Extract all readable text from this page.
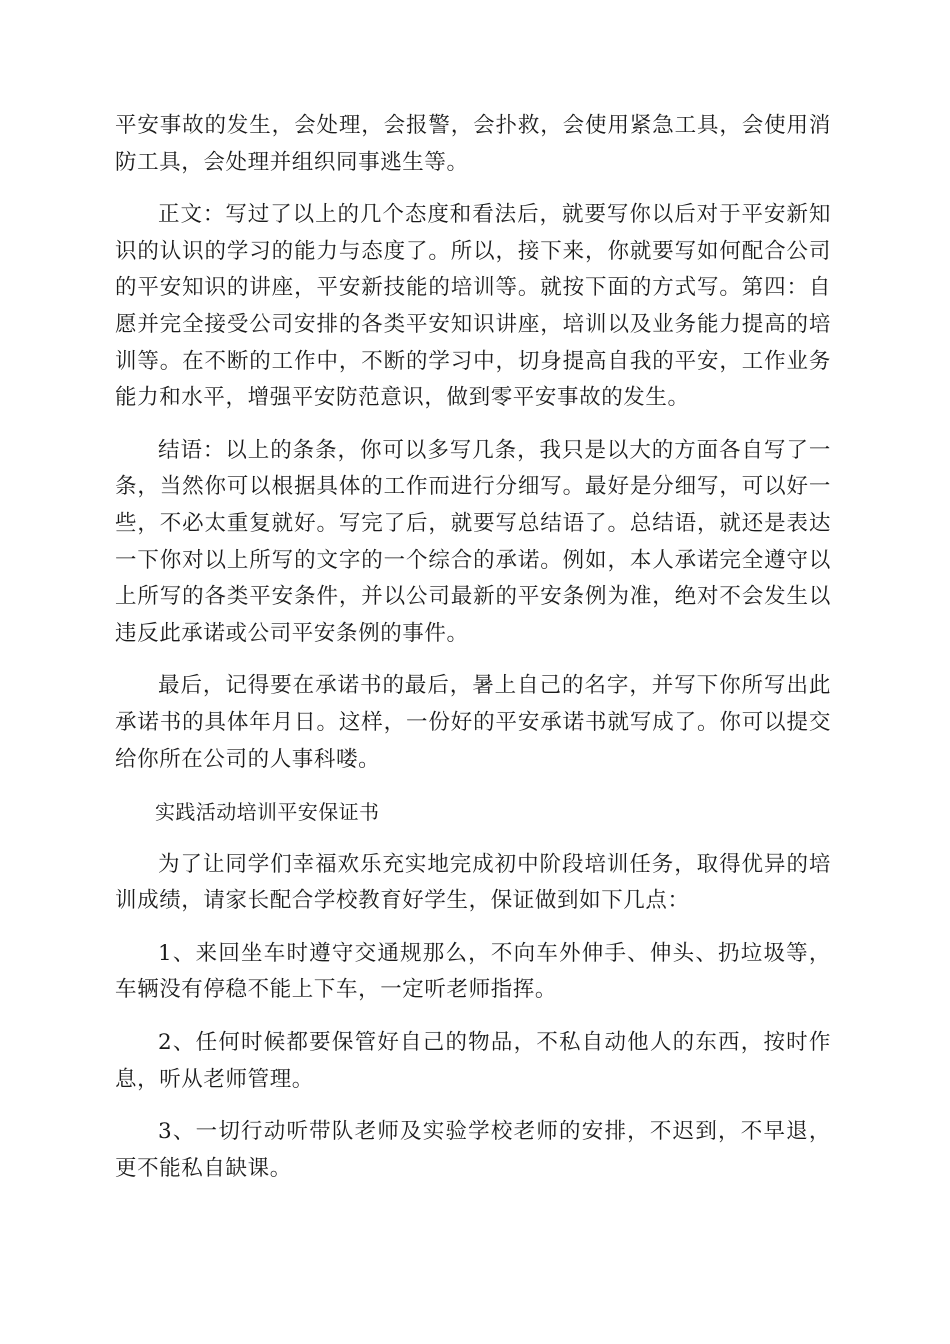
平安事故的发生，会处理，会报警，会扑救，会使用紧急工具，会使用消防工具，会处理并组织同事逃生等。

正文：写过了以上的几个态度和看法后，就要写你以后对于平安新知识的认识的学习的能力与态度了。所以，接下来，你就要写如何配合公司的平安知识的讲座，平安新技能的培训等。就按下面的方式写。第四：自愿并完全接受公司安排的各类平安知识讲座，培训以及业务能力提高的培训等。在不断的工作中，不断的学习中，切身提高自我的平安，工作业务能力和水平，增强平安防范意识，做到零平安事故的发生。

结语：以上的条条，你可以多写几条，我只是以大的方面各自写了一条，当然你可以根据具体的工作而进行分细写。最好是分细写，可以好一些，不必太重复就好。写完了后，就要写总结语了。总结语，就还是表达一下你对以上所写的文字的一个综合的承诺。例如，本人承诺完全遵守以上所写的各类平安条件，并以公司最新的平安条例为准，绝对不会发生以违反此承诺或公司平安条例的事件。

最后，记得要在承诺书的最后，暑上自己的名字，并写下你所写出此承诺书的具体年月日。这样，一份好的平安承诺书就写成了。你可以提交给你所在公司的人事科喽。

实践活动培训平安保证书

为了让同学们幸福欢乐充实地完成初中阶段培训任务，取得优异的培训成绩，请家长配合学校教育好学生，保证做到如下几点：

1、来回坐车时遵守交通规那么，不向车外伸手、伸头、扔垃圾等，车辆没有停稳不能上下车，一定听老师指挥。

2、任何时候都要保管好自己的物品，不私自动他人的东西，按时作息，听从老师管理。

3、一切行动听带队老师及实验学校老师的安排，不迟到，不早退，更不能私自缺课。
